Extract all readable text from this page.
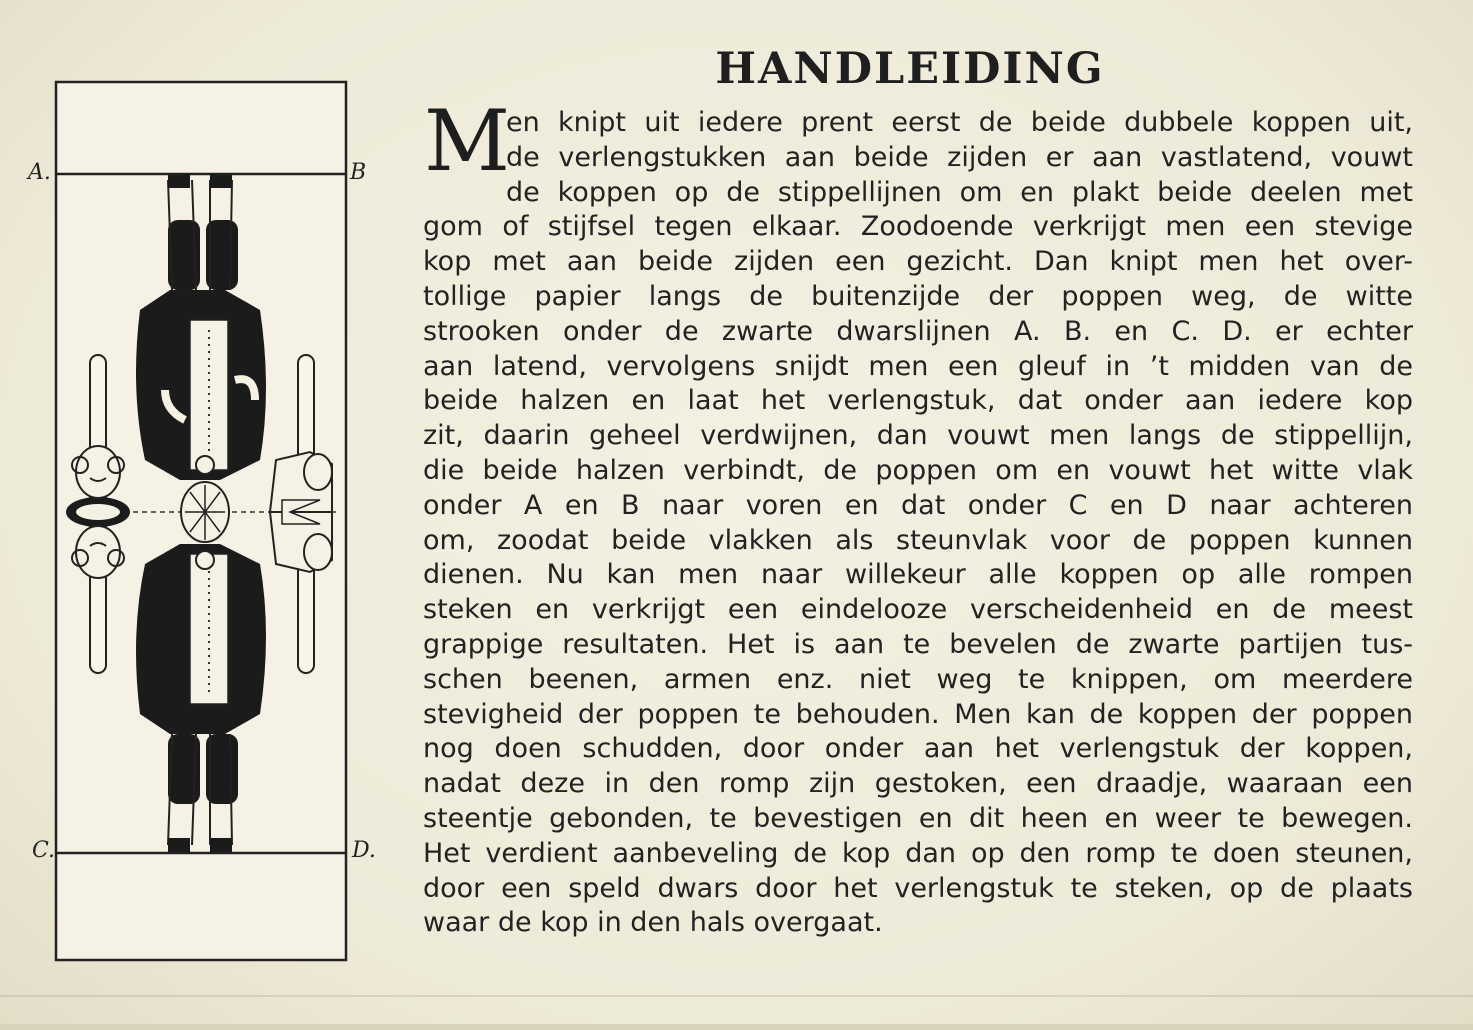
A.	B
C.	D.
HANDLEIDING
M
en knipt uit iedere prent eerst de beide dubbele koppen uit,
de verlengstukken aan beide zijden er aan vastlatend, vouwt
de koppen op de stippellijnen om en plakt beide deelen met
gom of stijfsel tegen elkaar. Zoodoende verkrijgt men een stevige
kop met aan beide zijden een gezicht. Dan knipt men het over-
tollige papier langs de buitenzijde der poppen weg, de witte
strooken onder de zwarte dwarslijnen A. B. en C. D. er echter
aan latend, vervolgens snijdt men een gleuf in ’t midden van de
beide halzen en laat het verlengstuk, dat onder aan iedere kop
zit, daarin geheel verdwijnen, dan vouwt men langs de stippellijn,
die beide halzen verbindt, de poppen om en vouwt het witte vlak
onder A en B naar voren en dat onder C en D naar achteren
om, zoodat beide vlakken als steunvlak voor de poppen kunnen
dienen. Nu kan men naar willekeur alle koppen op alle rompen
steken en verkrijgt een eindelooze verscheidenheid en de meest
grappige resultaten. Het is aan te bevelen de zwarte partijen tus-
schen beenen, armen enz. niet weg te knippen, om meerdere
stevigheid der poppen te behouden. Men kan de koppen der poppen
nog doen schudden, door onder aan het verlengstuk der koppen,
nadat deze in den romp zijn gestoken, een draadje, waaraan een
steentje gebonden, te bevestigen en dit heen en weer te bewegen.
Het verdient aanbeveling de kop dan op den romp te doen steunen,
door een speld dwars door het verlengstuk te steken, op de plaats
waar de kop in den hals overgaat.
